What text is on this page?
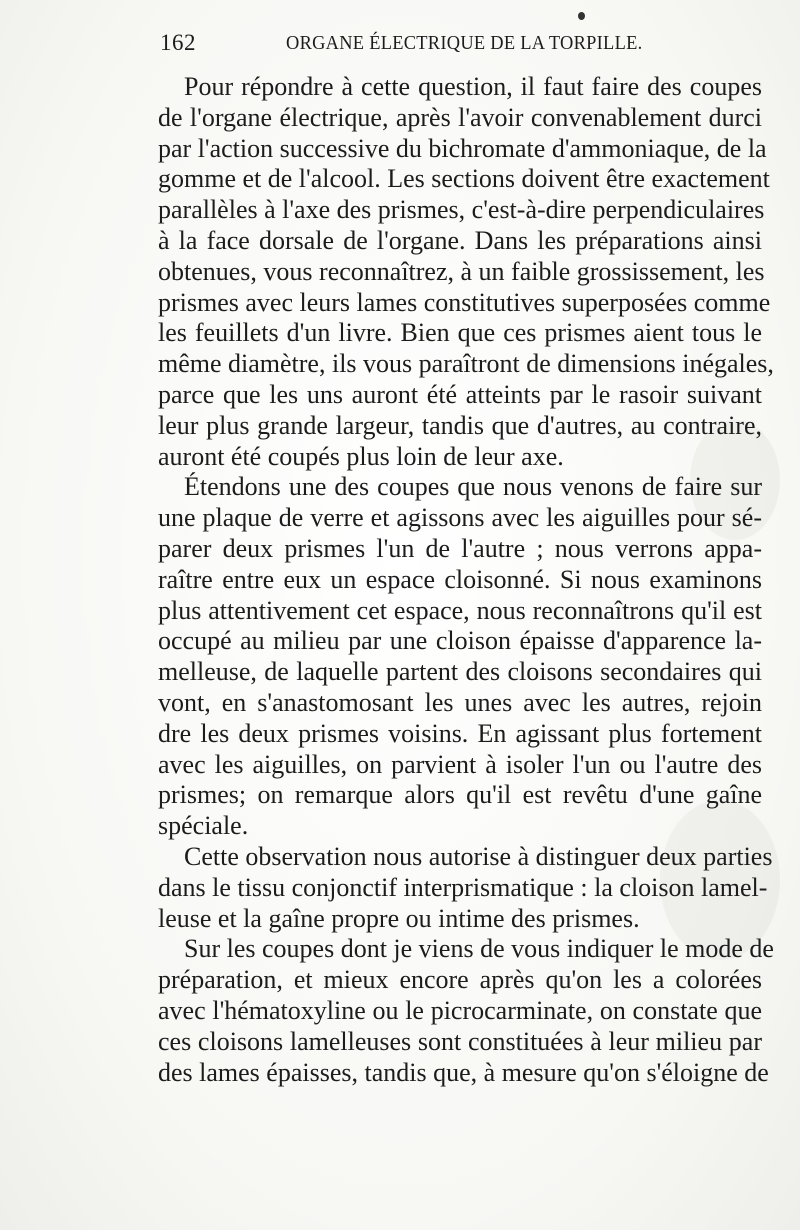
162	ORGANE ÉLECTRIQUE DE LA TORPILLE.
Pour répondre à cette question, il faut faire des coupes
de l'organe électrique, après l'avoir convenablement durci
par l'action successive du bichromate d'ammoniaque, de la
gomme et de l'alcool. Les sections doivent être exactement
parallèles à l'axe des prismes, c'est-à-dire perpendiculaires
à la face dorsale de l'organe. Dans les préparations ainsi
obtenues, vous reconnaîtrez, à un faible grossissement, les
prismes avec leurs lames constitutives superposées comme
les feuillets d'un livre. Bien que ces prismes aient tous le
même diamètre, ils vous paraîtront de dimensions inégales,
parce que les uns auront été atteints par le rasoir suivant
leur plus grande largeur, tandis que d'autres, au contraire,
auront été coupés plus loin de leur axe.
Étendons une des coupes que nous venons de faire sur
une plaque de verre et agissons avec les aiguilles pour sé-
parer deux prismes l'un de l'autre ; nous verrons appa-
raître entre eux un espace cloisonné. Si nous examinons
plus attentivement cet espace, nous reconnaîtrons qu'il est
occupé au milieu par une cloison épaisse d'apparence la-
melleuse, de laquelle partent des cloisons secondaires qui
vont, en s'anastomosant les unes avec les autres, rejoin
dre les deux prismes voisins. En agissant plus fortement
avec les aiguilles, on parvient à isoler l'un ou l'autre des
prismes; on remarque alors qu'il est revêtu d'une gaîne
spéciale.
Cette observation nous autorise à distinguer deux parties
dans le tissu conjonctif interprismatique : la cloison lamel-
leuse et la gaîne propre ou intime des prismes.
Sur les coupes dont je viens de vous indiquer le mode de
préparation, et mieux encore après qu'on les a colorées
avec l'hématoxyline ou le picrocarminate, on constate que
ces cloisons lamelleuses sont constituées à leur milieu par
des lames épaisses, tandis que, à mesure qu'on s'éloigne de
